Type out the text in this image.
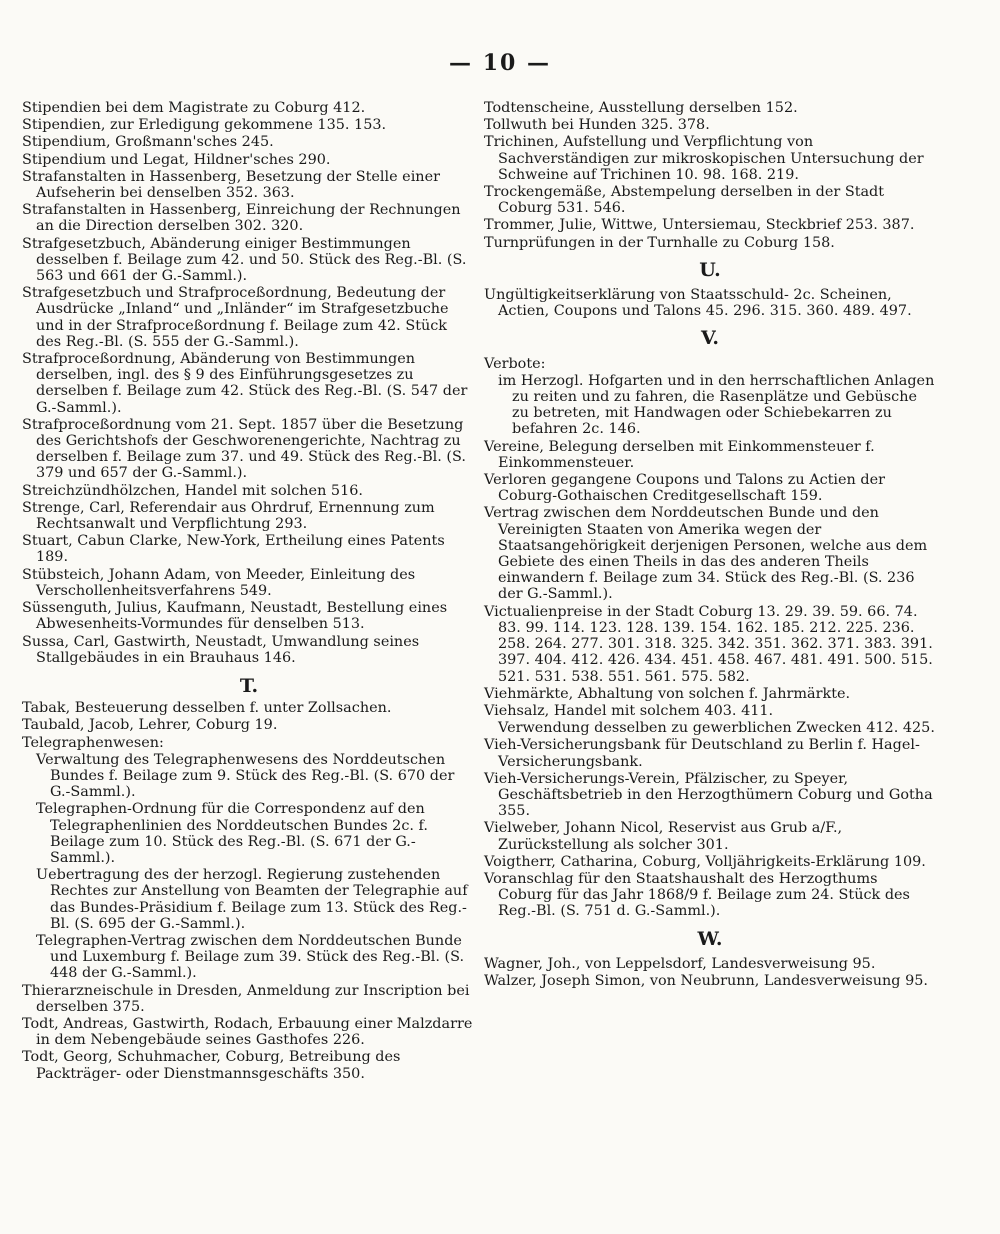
— 10 —
Stipendien bei dem Magistrate zu Coburg 412.
Stipendien, zur Erledigung gekommene 135. 153.
Stipendium, Großmann'sches 245.
Stipendium und Legat, Hildner'sches 290.
Strafanstalten in Hassenberg, Besetzung der Stelle einer Aufseherin bei denselben 352. 363.
Strafanstalten in Hassenberg, Einreichung der Rechnungen an die Direction derselben 302. 320.
Strafgesetzbuch, Abänderung einiger Bestimmungen desselben f. Beilage zum 42. und 50. Stück des Reg.-Bl. (S. 563 und 661 der G.-Samml.).
Strafgesetzbuch und Strafproceßordnung, Bedeutung der Ausdrücke „Inland“ und „Inländer“ im Strafgesetzbuche und in der Strafproceßordnung f. Beilage zum 42. Stück des Reg.-Bl. (S. 555 der G.-Samml.).
Strafproceßordnung, Abänderung von Bestimmungen derselben, ingl. des § 9 des Einführungsgesetzes zu derselben f. Beilage zum 42. Stück des Reg.-Bl. (S. 547 der G.-Samml.).
Strafproceßordnung vom 21. Sept. 1857 über die Besetzung des Gerichtshofs der Geschworenengerichte, Nachtrag zu derselben f. Beilage zum 37. und 49. Stück des Reg.-Bl. (S. 379 und 657 der G.-Samml.).
Streichzündhölzchen, Handel mit solchen 516.
Strenge, Carl, Referendair aus Ohrdruf, Ernennung zum Rechtsanwalt und Verpflichtung 293.
Stuart, Cabun Clarke, New-York, Ertheilung eines Patents 189.
Stübsteich, Johann Adam, von Meeder, Einleitung des Verschollenheitsverfahrens 549.
Süssenguth, Julius, Kaufmann, Neustadt, Bestellung eines Abwesenheits-Vormundes für denselben 513.
Sussa, Carl, Gastwirth, Neustadt, Umwandlung seines Stallgebäudes in ein Brauhaus 146.
T.
Tabak, Besteuerung desselben f. unter Zollsachen.
Taubald, Jacob, Lehrer, Coburg 19.
Telegraphenwesen:
Verwaltung des Telegraphenwesens des Norddeutschen Bundes f. Beilage zum 9. Stück des Reg.-Bl. (S. 670 der G.-Samml.).
Telegraphen-Ordnung für die Correspondenz auf den Telegraphenlinien des Norddeutschen Bundes 2c. f. Beilage zum 10. Stück des Reg.-Bl. (S. 671 der G.-Samml.).
Uebertragung des der herzogl. Regierung zustehenden Rechtes zur Anstellung von Beamten der Telegraphie auf das Bundes-Präsidium f. Beilage zum 13. Stück des Reg.-Bl. (S. 695 der G.-Samml.).
Telegraphen-Vertrag zwischen dem Norddeutschen Bunde und Luxemburg f. Beilage zum 39. Stück des Reg.-Bl. (S. 448 der G.-Samml.).
Thierarzneischule in Dresden, Anmeldung zur Inscription bei derselben 375.
Todt, Andreas, Gastwirth, Rodach, Erbauung einer Malzdarre in dem Nebengebäude seines Gasthofes 226.
Todt, Georg, Schuhmacher, Coburg, Betreibung des Packträger- oder Dienstmannsgeschäfts 350.
Todtenscheine, Ausstellung derselben 152.
Tollwuth bei Hunden 325. 378.
Trichinen, Aufstellung und Verpflichtung von Sachverständigen zur mikroskopischen Untersuchung der Schweine auf Trichinen 10. 98. 168. 219.
Trockengemäße, Abstempelung derselben in der Stadt Coburg 531. 546.
Trommer, Julie, Wittwe, Untersiemau, Steckbrief 253. 387.
Turnprüfungen in der Turnhalle zu Coburg 158.
U.
Ungültigkeitserklärung von Staatsschuld- 2c. Scheinen, Actien, Coupons und Talons 45. 296. 315. 360. 489. 497.
V.
Verbote:
im Herzogl. Hofgarten und in den herrschaftlichen Anlagen zu reiten und zu fahren, die Rasenplätze und Gebüsche zu betreten, mit Handwagen oder Schiebekarren zu befahren 2c. 146.
Vereine, Belegung derselben mit Einkommensteuer f. Einkommensteuer.
Verloren gegangene Coupons und Talons zu Actien der Coburg-Gothaischen Creditgesellschaft 159.
Vertrag zwischen dem Norddeutschen Bunde und den Vereinigten Staaten von Amerika wegen der Staatsangehörigkeit derjenigen Personen, welche aus dem Gebiete des einen Theils in das des anderen Theils einwandern f. Beilage zum 34. Stück des Reg.-Bl. (S. 236 der G.-Samml.).
Victualienpreise in der Stadt Coburg 13. 29. 39. 59. 66. 74. 83. 99. 114. 123. 128. 139. 154. 162. 185. 212. 225. 236. 258. 264. 277. 301. 318. 325. 342. 351. 362. 371. 383. 391. 397. 404. 412. 426. 434. 451. 458. 467. 481. 491. 500. 515. 521. 531. 538. 551. 561. 575. 582.
Viehmärkte, Abhaltung von solchen f. Jahrmärkte.
Viehsalz, Handel mit solchem 403. 411.
Verwendung desselben zu gewerblichen Zwecken 412. 425.
Vieh-Versicherungsbank für Deutschland zu Berlin f. Hagel-Versicherungsbank.
Vieh-Versicherungs-Verein, Pfälzischer, zu Speyer, Geschäftsbetrieb in den Herzogthümern Coburg und Gotha 355.
Vielweber, Johann Nicol, Reservist aus Grub a/F., Zurückstellung als solcher 301.
Voigtherr, Catharina, Coburg, Volljährigkeits-Erklärung 109.
Voranschlag für den Staatshaushalt des Herzogthums Coburg für das Jahr 1868/9 f. Beilage zum 24. Stück des Reg.-Bl. (S. 751 d. G.-Samml.).
W.
Wagner, Joh., von Leppelsdorf, Landesverweisung 95.
Walzer, Joseph Simon, von Neubrunn, Landesverweisung 95.
